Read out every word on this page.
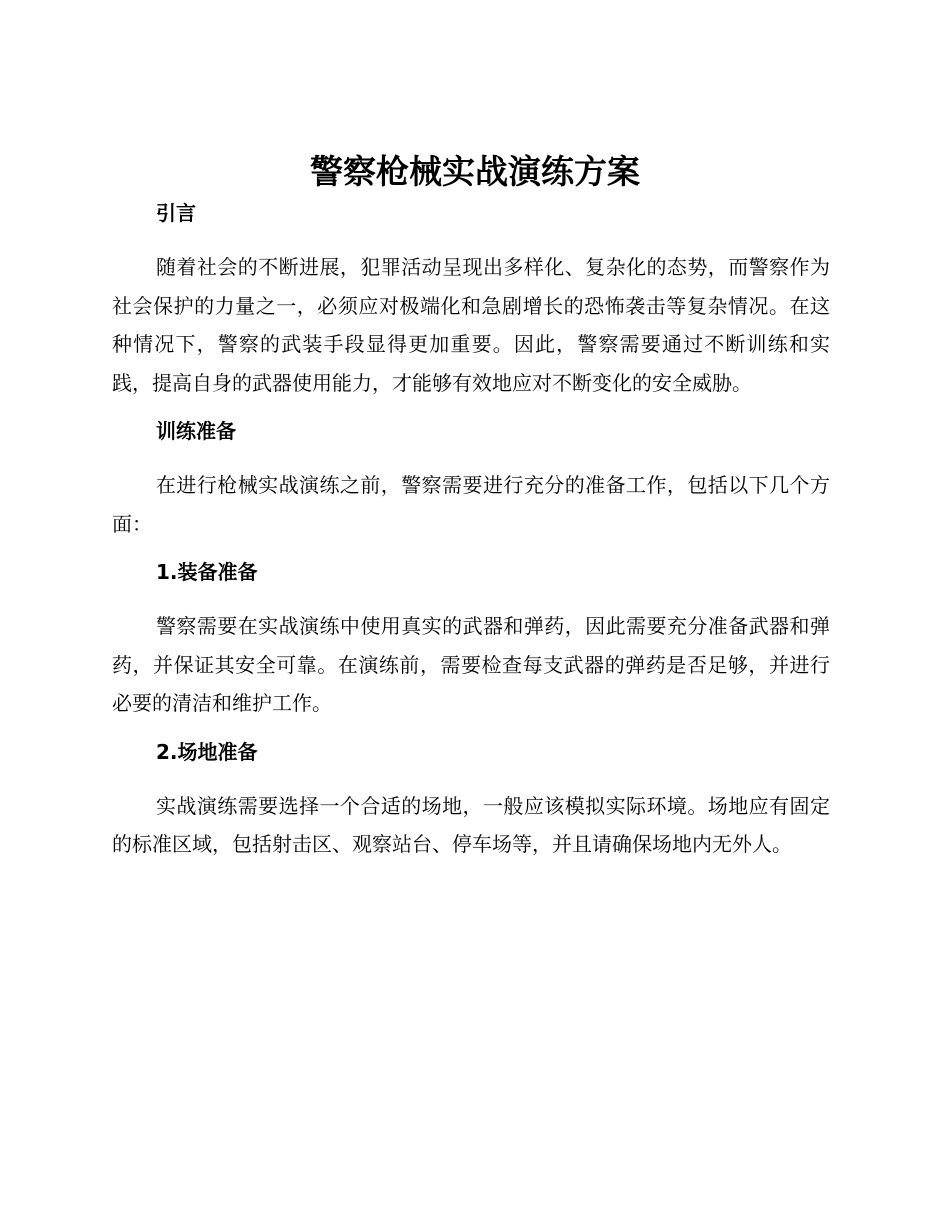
警察枪械实战演练方案
引言

随着社会的不断进展，犯罪活动呈现出多样化、复杂化的态势，而警察作为社会保护的力量之一，必须应对极端化和急剧增长的恐怖袭击等复杂情况。在这种情况下，警察的武装手段显得更加重要。因此，警察需要通过不断训练和实践，提高自身的武器使用能力，才能够有效地应对不断变化的安全威胁。

训练准备

在进行枪械实战演练之前，警察需要进行充分的准备工作，包括以下几个方面：

1.装备准备

警察需要在实战演练中使用真实的武器和弹药，因此需要充分准备武器和弹药，并保证其安全可靠。在演练前，需要检查每支武器的弹药是否足够，并进行必要的清洁和维护工作。

2.场地准备

实战演练需要选择一个合适的场地，一般应该模拟实际环境。场地应有固定的标准区域，包括射击区、观察站台、停车场等，并且请确保场地内无外人。
